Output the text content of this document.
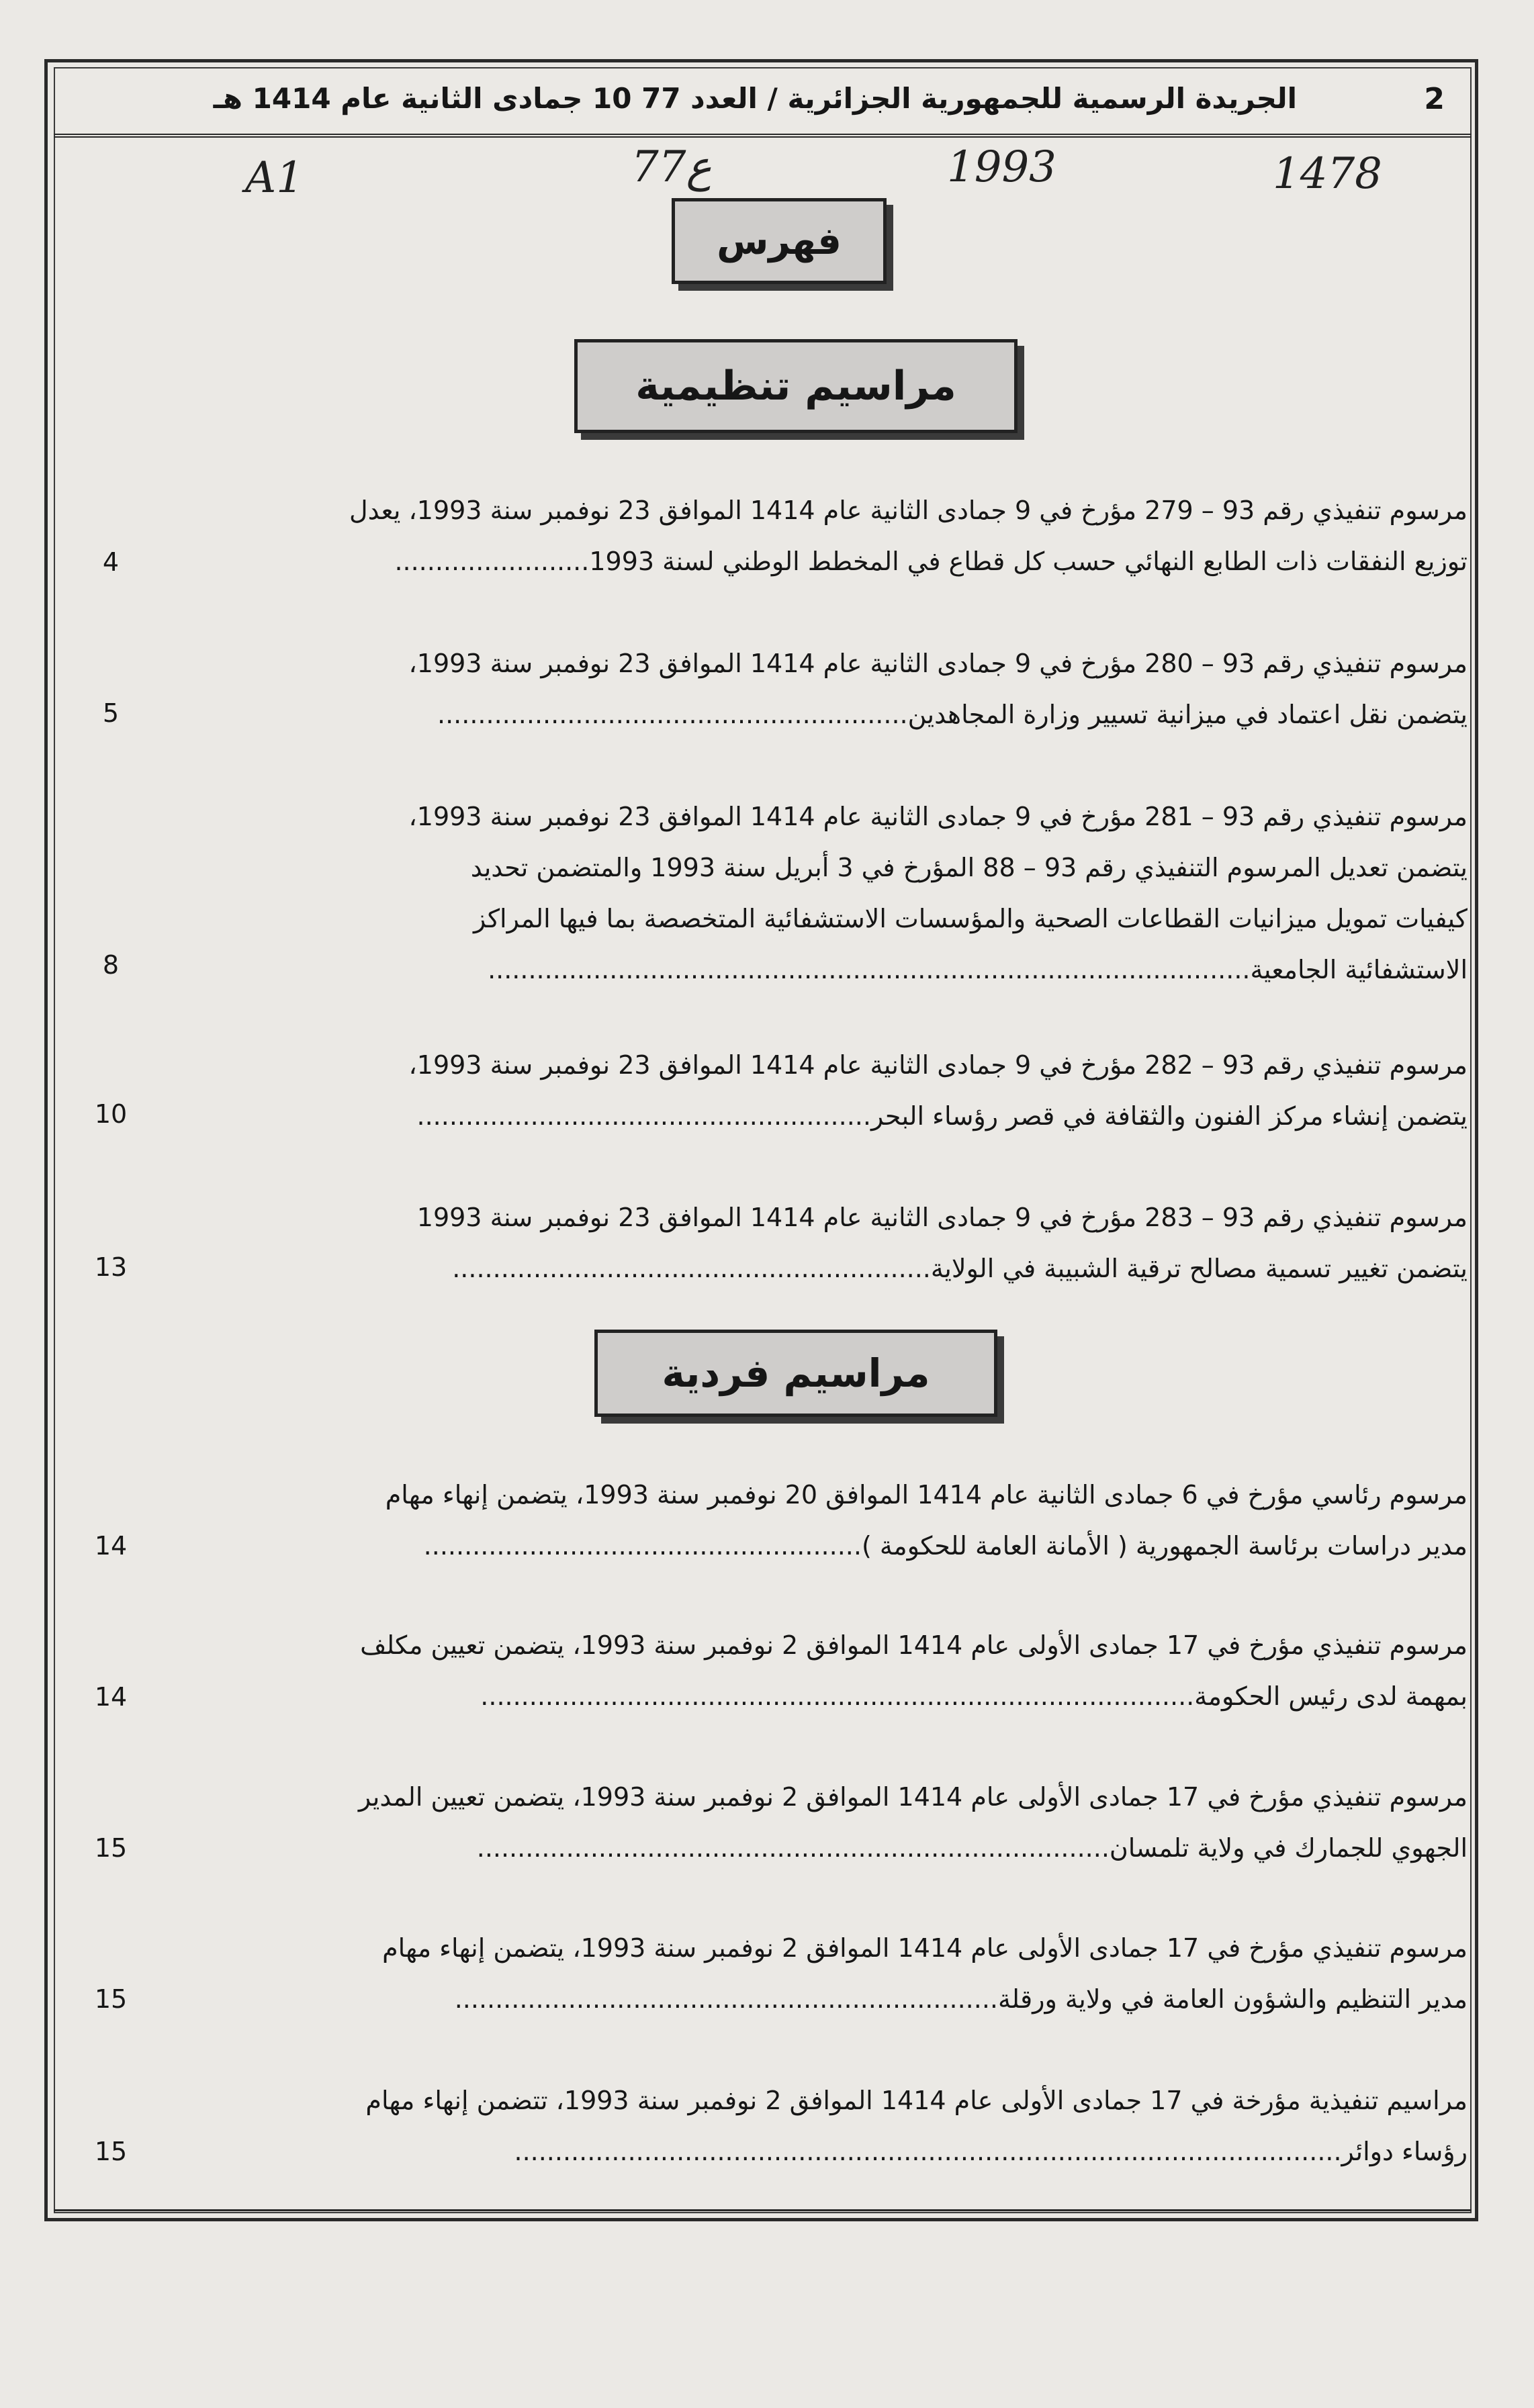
2
الجريدة الرسمية للجمهورية الجزائرية / العدد 77 10 جمادى الثانية عام 1414 هـ
A1	77ع	1993	1478
فهرس
مراسيم تنظيمية
مرسوم تنفيذي رقم 93 – 279 مؤرخ في 9 جمادى الثانية عام 1414 الموافق 23 نوفمبر سنة 1993، يعدل
توزيع النفقات ذات الطابع النهائي حسب كل قطاع في المخطط الوطني لسنة 1993........................
4
مرسوم تنفيذي رقم 93 – 280 مؤرخ في 9 جمادى الثانية عام 1414 الموافق 23 نوفمبر سنة 1993،
يتضمن نقل اعتماد في ميزانية تسيير وزارة المجاهدين..........................................................
5
مرسوم تنفيذي رقم 93 – 281 مؤرخ في 9 جمادى الثانية عام 1414 الموافق 23 نوفمبر سنة 1993،
يتضمن تعديل المرسوم التنفيذي رقم 93 – 88 المؤرخ في 3 أبريل سنة 1993 والمتضمن تحديد
كيفيات تمويل ميزانيات القطاعات الصحية والمؤسسات الاستشفائية المتخصصة بما فيها المراكز
الاستشفائية الجامعية..............................................................................................
8
مرسوم تنفيذي رقم 93 – 282 مؤرخ في 9 جمادى الثانية عام 1414 الموافق 23 نوفمبر سنة 1993،
يتضمن إنشاء مركز الفنون والثقافة في قصر رؤساء البحر........................................................
10
مرسوم تنفيذي رقم 93 – 283 مؤرخ في 9 جمادى الثانية عام 1414 الموافق 23 نوفمبر سنة 1993
يتضمن تغيير تسمية مصالح ترقية الشبيبة في الولاية...........................................................
13
مراسيم فردية
مرسوم رئاسي مؤرخ في 6 جمادى الثانية عام 1414 الموافق 20 نوفمبر سنة 1993، يتضمن إنهاء مهام
مدير دراسات برئاسة الجمهورية ( الأمانة العامة للحكومة )......................................................
14
مرسوم تنفيذي مؤرخ في 17 جمادى الأولى عام 1414 الموافق 2 نوفمبر سنة 1993، يتضمن تعيين مكلف
بمهمة لدى رئيس الحكومة........................................................................................
14
مرسوم تنفيذي مؤرخ في 17 جمادى الأولى عام 1414 الموافق 2 نوفمبر سنة 1993، يتضمن تعيين المدير
الجهوي للجمارك في ولاية تلمسان..............................................................................
15
مرسوم تنفيذي مؤرخ في 17 جمادى الأولى عام 1414 الموافق 2 نوفمبر سنة 1993، يتضمن إنهاء مهام
مدير التنظيم والشؤون العامة في ولاية ورقلة...................................................................
15
مراسيم تنفيذية مؤرخة في 17 جمادى الأولى عام 1414 الموافق 2 نوفمبر سنة 1993، تتضمن إنهاء مهام
رؤساء دوائر......................................................................................................
15
